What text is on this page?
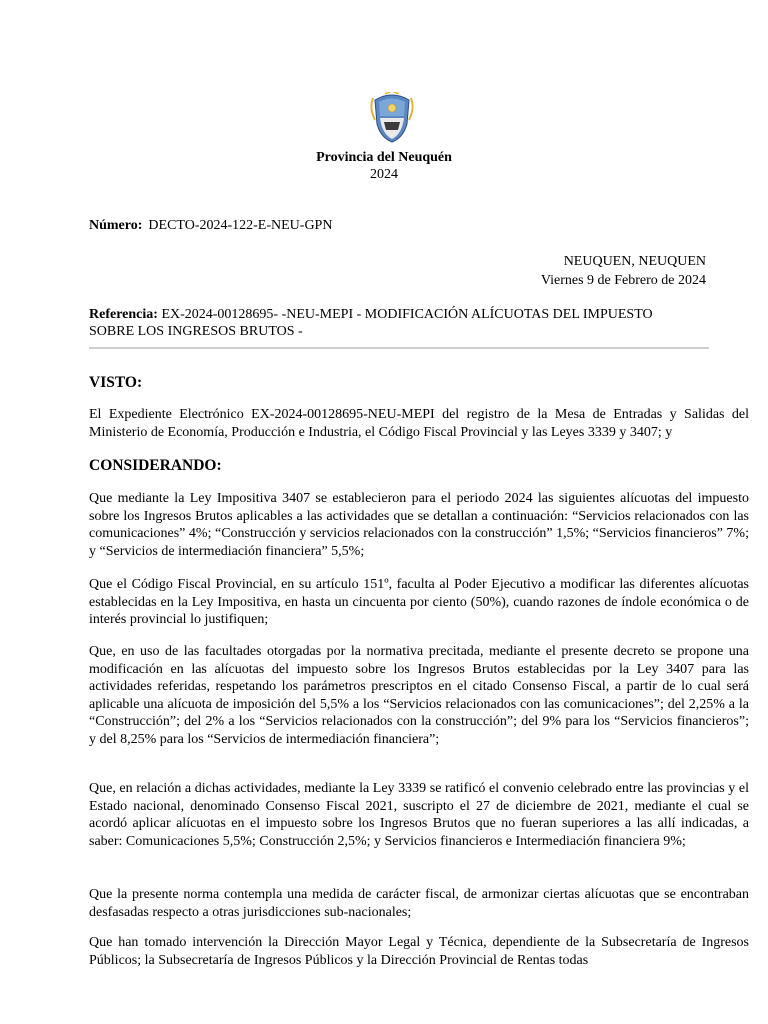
Provincia del Neuquén
2024
Número: DECTO-2024-122-E-NEU-GPN
NEUQUEN, NEUQUEN
Viernes 9 de Febrero de 2024
Referencia: EX-2024-00128695- -NEU-MEPI - MODIFICACIÓN ALÍCUOTAS DEL IMPUESTO SOBRE LOS INGRESOS BRUTOS -
VISTO:
El Expediente Electrónico EX-2024-00128695-NEU-MEPI del registro de la Mesa de Entradas y Salidas del Ministerio de Economía, Producción e Industria, el Código Fiscal Provincial y las Leyes 3339 y 3407; y
CONSIDERANDO:
Que mediante la Ley Impositiva 3407 se establecieron para el periodo 2024 las siguientes alícuotas del impuesto sobre los Ingresos Brutos aplicables a las actividades que se detallan a continuación: “Servicios relacionados con las comunicaciones” 4%; “Construcción y servicios relacionados con la construcción” 1,5%; “Servicios financieros” 7%; y “Servicios de intermediación financiera” 5,5%;
Que el Código Fiscal Provincial, en su artículo 151º, faculta al Poder Ejecutivo a modificar las diferentes alícuotas establecidas en la Ley Impositiva, en hasta un cincuenta por ciento (50%), cuando razones de índole económica o de interés provincial lo justifiquen;
Que, en uso de las facultades otorgadas por la normativa precitada, mediante el presente decreto se propone una modificación en las alícuotas del impuesto sobre los Ingresos Brutos establecidas por la Ley 3407 para las actividades referidas, respetando los parámetros prescriptos en el citado Consenso Fiscal, a partir de lo cual será aplicable una alícuota de imposición del 5,5% a los “Servicios relacionados con las comunicaciones”; del 2,25% a la “Construcción”; del 2% a los “Servicios relacionados con la construcción”; del 9% para los “Servicios financieros”; y del 8,25% para los “Servicios de intermediación financiera”;
Que, en relación a dichas actividades, mediante la Ley 3339 se ratificó el convenio celebrado entre las provincias y el Estado nacional, denominado Consenso Fiscal 2021, suscripto el 27 de diciembre de 2021, mediante el cual se acordó aplicar alícuotas en el impuesto sobre los Ingresos Brutos que no fueran superiores a las allí indicadas, a saber: Comunicaciones 5,5%; Construcción 2,5%; y Servicios financieros e Intermediación financiera 9%;
Que la presente norma contempla una medida de carácter fiscal, de armonizar ciertas alícuotas que se encontraban desfasadas respecto a otras jurisdicciones sub-nacionales;
Que han tomado intervención la Dirección Mayor Legal y Técnica, dependiente de la Subsecretaría de Ingresos Públicos; la Subsecretaría de Ingresos Públicos y la Dirección Provincial de Rentas todas
